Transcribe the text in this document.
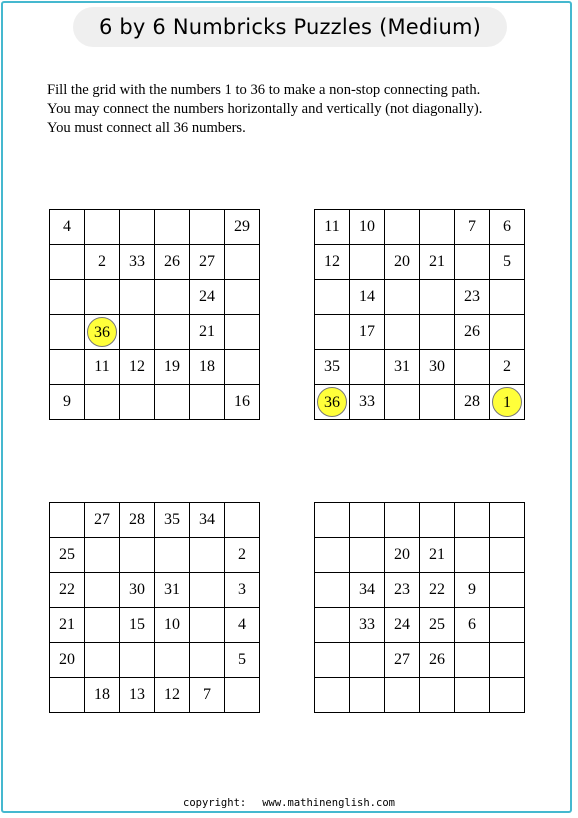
6 by 6 Numbricks Puzzles (Medium)
Fill the grid with the numbers 1 to 36 to make a non-stop connecting path.
You may connect the numbers horizontally and vertically (not diagonally).
You must connect all 36 numbers.
4					29
	2	33	26	27	
				24	
	36			21	
	11	12	19	18	
9					16
11	10			7	6
12		20	21		5
	14			23	
	17			26	
35		31	30		2
36	33			28	1
	27	28	35	34	
25					2
22		30	31		3
21		15	10		4
20					5
	18	13	12	7	

		20	21		
	34	23	22	9	
	33	24	25	6	
		27	26		

copyright: www.mathinenglish.com
